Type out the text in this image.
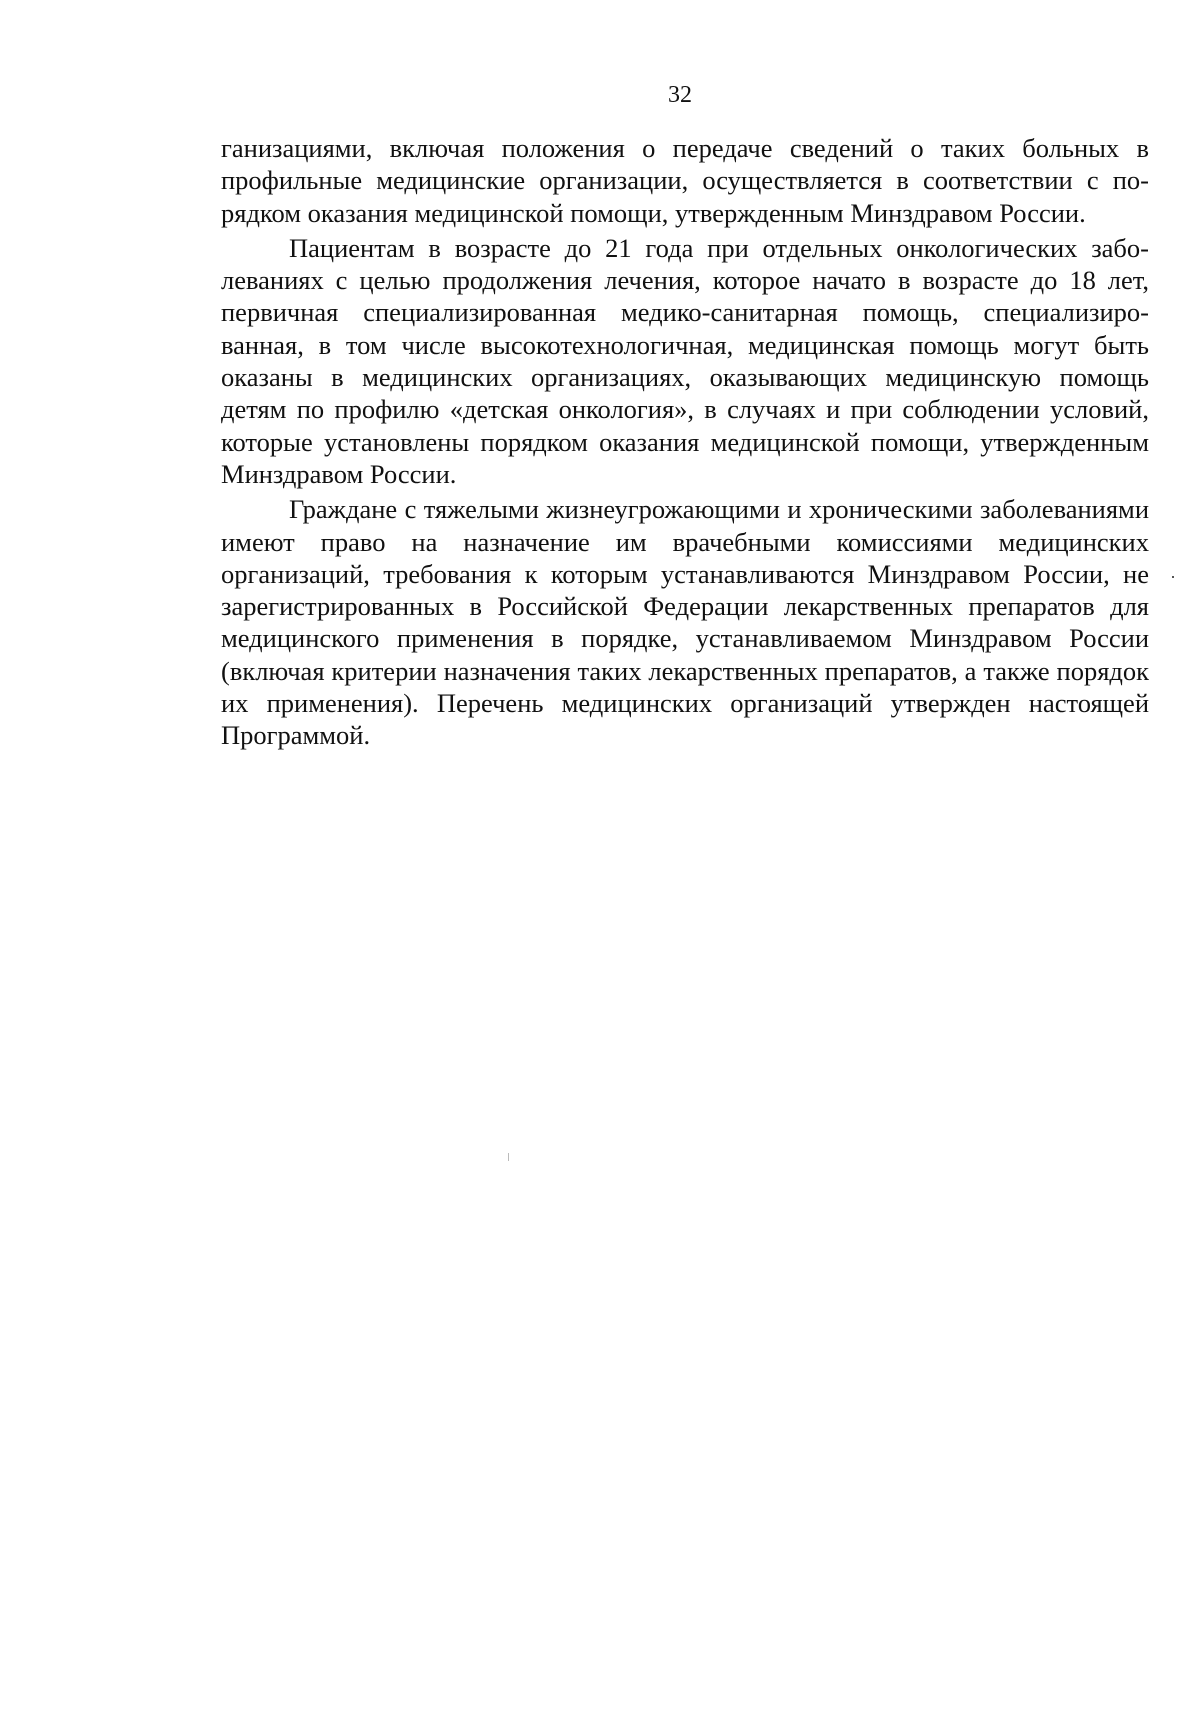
32

ганизациями, включая положения о передаче сведений о таких больных в профильные медицинские организации, осуществляется в соответствии с порядком оказания медицинской помощи, утвержденным Минздравом России.

Пациентам в возрасте до 21 года при отдельных онкологических заболеваниях с целью продолжения лечения, которое начато в возрасте до 18 лет, первичная специализированная медико-санитарная помощь, специализированная, в том числе высокотехнологичная, медицинская помощь могут быть оказаны в медицинских организациях, оказывающих медицинскую помощь детям по профилю «детская онкология», в случаях и при соблюдении условий, которые установлены порядком оказания медицинской помощи, утвержденным Минздравом России.

Граждане с тяжелыми жизнеугрожающими и хроническими заболеваниями имеют право на назначение им врачебными комиссиями медицинских организаций, требования к которым устанавливаются Минздравом России, не зарегистрированных в Российской Федерации лекарственных препаратов для медицинского применения в порядке, устанавливаемом Минздравом России (включая критерии назначения таких лекарственных препаратов, а также порядок их применения). Перечень медицинских организаций утвержден настоящей Программой.
